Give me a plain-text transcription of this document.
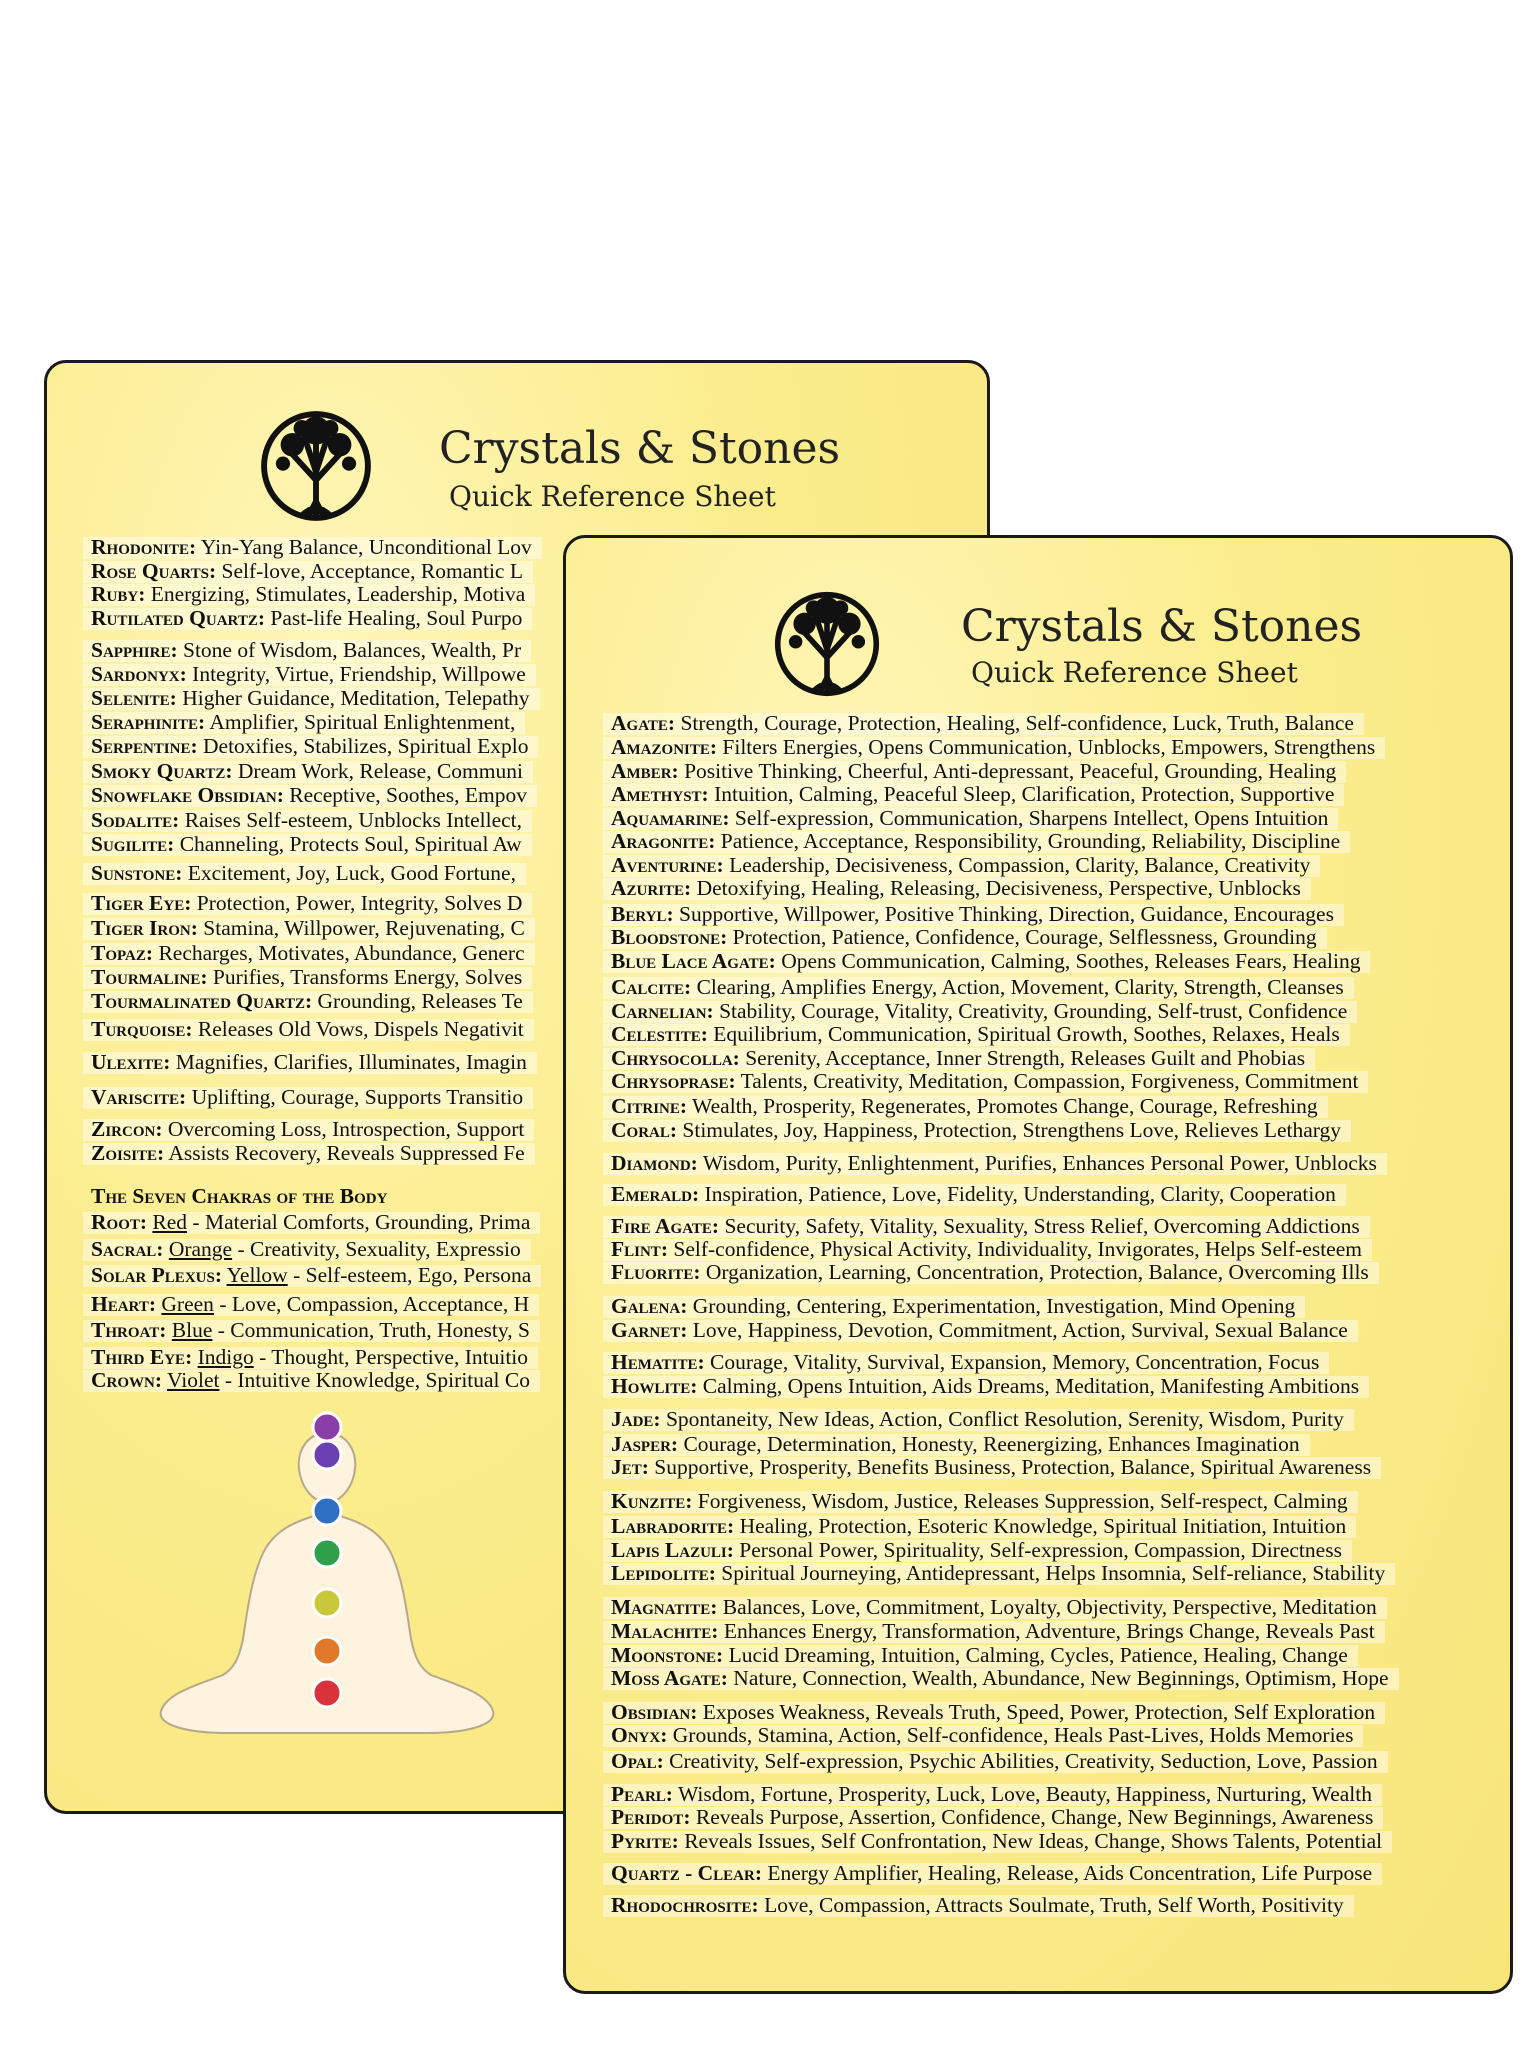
Crystals & Stones
Quick Reference Sheet
Rhodonite: Yin-Yang Balance, Unconditional Lov
Rose Quarts: Self-love, Acceptance, Romantic L
Ruby: Energizing, Stimulates, Leadership, Motiva
Rutilated Quartz: Past-life Healing, Soul Purpo
Sapphire: Stone of Wisdom, Balances, Wealth, Pr
Sardonyx: Integrity, Virtue, Friendship, Willpowe
Selenite: Higher Guidance, Meditation, Telepathy
Seraphinite: Amplifier, Spiritual Enlightenment,
Serpentine: Detoxifies, Stabilizes, Spiritual Explo
Smoky Quartz: Dream Work, Release, Communi
Snowflake Obsidian: Receptive, Soothes, Empov
Sodalite: Raises Self-esteem, Unblocks Intellect,
Sugilite: Channeling, Protects Soul, Spiritual Aw
Sunstone: Excitement, Joy, Luck, Good Fortune,
Tiger Eye: Protection, Power, Integrity, Solves D
Tiger Iron: Stamina, Willpower, Rejuvenating, C
Topaz: Recharges, Motivates, Abundance, Generc
Tourmaline: Purifies, Transforms Energy, Solves
Tourmalinated Quartz: Grounding, Releases Te
Turquoise: Releases Old Vows, Dispels Negativit
Ulexite: Magnifies, Clarifies, Illuminates, Imagin
Variscite: Uplifting, Courage, Supports Transitio
Zircon: Overcoming Loss, Introspection, Support
Zoisite: Assists Recovery, Reveals Suppressed Fe
The Seven Chakras of the Body
Root: Red - Material Comforts, Grounding, Prima
Sacral: Orange - Creativity, Sexuality, Expressio
Solar Plexus: Yellow - Self-esteem, Ego, Persona
Heart: Green - Love, Compassion, Acceptance, H
Throat: Blue - Communication, Truth, Honesty, S
Third Eye: Indigo - Thought, Perspective, Intuitio
Crown: Violet - Intuitive Knowledge, Spiritual Co
Crystals & Stones
Quick Reference Sheet
Agate: Strength, Courage, Protection, Healing, Self-confidence, Luck, Truth, Balance
Amazonite: Filters Energies, Opens Communication, Unblocks, Empowers, Strengthens
Amber: Positive Thinking, Cheerful, Anti-depressant, Peaceful, Grounding, Healing
Amethyst: Intuition, Calming, Peaceful Sleep, Clarification, Protection, Supportive
Aquamarine: Self-expression, Communication, Sharpens Intellect, Opens Intuition
Aragonite: Patience, Acceptance, Responsibility, Grounding, Reliability, Discipline
Aventurine: Leadership, Decisiveness, Compassion, Clarity, Balance, Creativity
Azurite: Detoxifying, Healing, Releasing, Decisiveness, Perspective, Unblocks
Beryl: Supportive, Willpower, Positive Thinking, Direction, Guidance, Encourages
Bloodstone: Protection, Patience, Confidence, Courage, Selflessness, Grounding
Blue Lace Agate: Opens Communication, Calming, Soothes, Releases Fears, Healing
Calcite: Clearing, Amplifies Energy, Action, Movement, Clarity, Strength, Cleanses
Carnelian: Stability, Courage, Vitality, Creativity, Grounding, Self-trust, Confidence
Celestite: Equilibrium, Communication, Spiritual Growth, Soothes, Relaxes, Heals
Chrysocolla: Serenity, Acceptance, Inner Strength, Releases Guilt and Phobias
Chrysoprase: Talents, Creativity, Meditation, Compassion, Forgiveness, Commitment
Citrine: Wealth, Prosperity, Regenerates, Promotes Change, Courage, Refreshing
Coral: Stimulates, Joy, Happiness, Protection, Strengthens Love, Relieves Lethargy
Diamond: Wisdom, Purity, Enlightenment, Purifies, Enhances Personal Power, Unblocks
Emerald: Inspiration, Patience, Love, Fidelity, Understanding, Clarity, Cooperation
Fire Agate: Security, Safety, Vitality, Sexuality, Stress Relief, Overcoming Addictions
Flint: Self-confidence, Physical Activity, Individuality, Invigorates, Helps Self-esteem
Fluorite: Organization, Learning, Concentration, Protection, Balance, Overcoming Ills
Galena: Grounding, Centering, Experimentation, Investigation, Mind Opening
Garnet: Love, Happiness, Devotion, Commitment, Action, Survival, Sexual Balance
Hematite: Courage, Vitality, Survival, Expansion, Memory, Concentration, Focus
Howlite: Calming, Opens Intuition, Aids Dreams, Meditation, Manifesting Ambitions
Jade: Spontaneity, New Ideas, Action, Conflict Resolution, Serenity, Wisdom, Purity
Jasper: Courage, Determination, Honesty, Reenergizing, Enhances Imagination
Jet: Supportive, Prosperity, Benefits Business, Protection, Balance, Spiritual Awareness
Kunzite: Forgiveness, Wisdom, Justice, Releases Suppression, Self-respect, Calming
Labradorite: Healing, Protection, Esoteric Knowledge, Spiritual Initiation, Intuition
Lapis Lazuli: Personal Power, Spirituality, Self-expression, Compassion, Directness
Lepidolite: Spiritual Journeying, Antidepressant, Helps Insomnia, Self-reliance, Stability
Magnatite: Balances, Love, Commitment, Loyalty, Objectivity, Perspective, Meditation
Malachite: Enhances Energy, Transformation, Adventure, Brings Change, Reveals Past
Moonstone: Lucid Dreaming, Intuition, Calming, Cycles, Patience, Healing, Change
Moss Agate: Nature, Connection, Wealth, Abundance, New Beginnings, Optimism, Hope
Obsidian: Exposes Weakness, Reveals Truth, Speed, Power, Protection, Self Exploration
Onyx: Grounds, Stamina, Action, Self-confidence, Heals Past-Lives, Holds Memories
Opal: Creativity, Self-expression, Psychic Abilities, Creativity, Seduction, Love, Passion
Pearl: Wisdom, Fortune, Prosperity, Luck, Love, Beauty, Happiness, Nurturing, Wealth
Peridot: Reveals Purpose, Assertion, Confidence, Change, New Beginnings, Awareness
Pyrite: Reveals Issues, Self Confrontation, New Ideas, Change, Shows Talents, Potential
Quartz - Clear: Energy Amplifier, Healing, Release, Aids Concentration, Life Purpose
Rhodochrosite: Love, Compassion, Attracts Soulmate, Truth, Self Worth, Positivity
